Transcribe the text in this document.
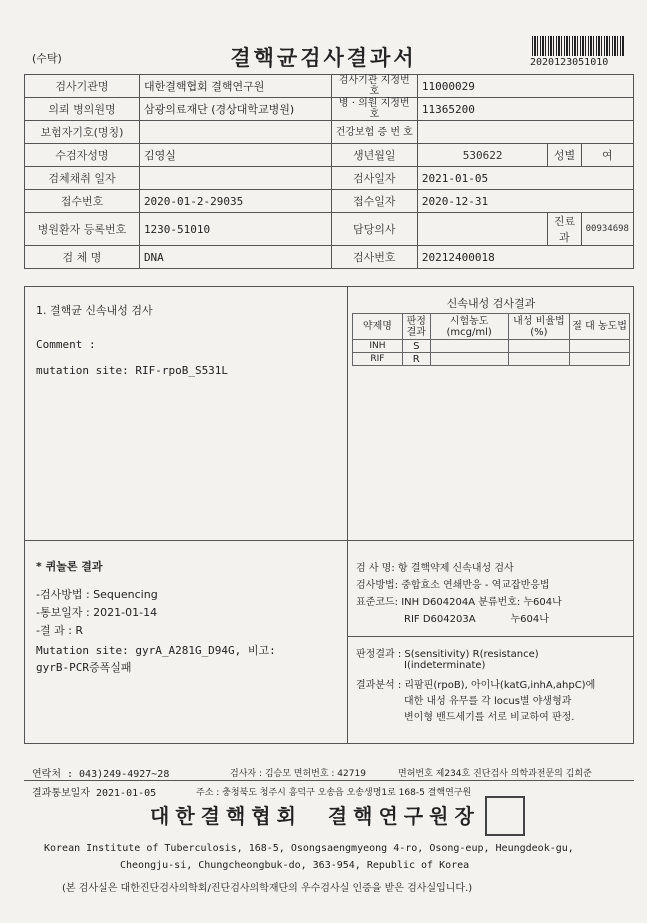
(수탁)	결핵균검사결과서	2020123051010
검사기관명	대한결핵협회 결핵연구원	검사기관 지정번호	11000029		
의뢰 병의원명	삼광의료재단 (경상대학교병원)	병 · 의원 지정번호	11365200		
보험자기호(명칭)		건강보험 증 번 호			
수검자성명	김영실	생년월일	530622	성별	여
검체채취 일자		검사일자	2021-01-05		
접수번호	2020-01-2-29035	접수일자	2020-12-31		
병원환자 등록번호	1230-51010	담당의사		진료과	00934698
검 체 명	DNA	검사번호	20212400018		
1. 결핵균 신속내성 검사
Comment :
mutation site: RIF-rpoB_S531L
신속내성 검사결과
약제명	판정 결과	시험농도 (mcg/ml)	내성 비율법(%)	절 대 농도법
INH	S			
RIF	R			
* 퀴놀론 결과
-검사방법 : Sequencing
-통보일자 : 2021-01-14
-결 과 : R
Mutation site: gyrA_A281G_D94G, 비고:
gyrB-PCR증폭실패
검 사 명: 항 결핵약제 신속내성 검사
검사방법: 중합효소 연쇄반응 - 역교잡반응법
표준코드: INH D604204A 분류번호: 누604나
RIF D604203A           누604나
판정결과 : S(sensitivity) R(resistance)
I(indeterminate)
결과분석 : 리팜핀(rpoB), 아이나(katG,inhA,ahpC)에
대한 내성 유무를 각 locus별 야생형과
변이형 밴드세기를 서로 비교하여 판정.
연락처 : 043)249-4927~28	검사자 : 김승모 면허번호 : 42719	면허번호 제234호 진단검사 의학과전문의 김희준
결과통보일자 2021-01-05	주소 : 충청북도 청주시 흥덕구 오송읍 오송생명1로 168-5 결핵연구원
대한결핵협회  결핵연구원장
Korean Institute of Tuberculosis, 168-5, Osongsaengmyeong 4-ro, Osong-eup, Heungdeok-gu,
Cheongju-si, Chungcheongbuk-do, 363-954, Republic of Korea
(본 검사실은 대한진단검사의학회/진단검사의학재단의 우수검사실 인증을 받은 검사실입니다.)
